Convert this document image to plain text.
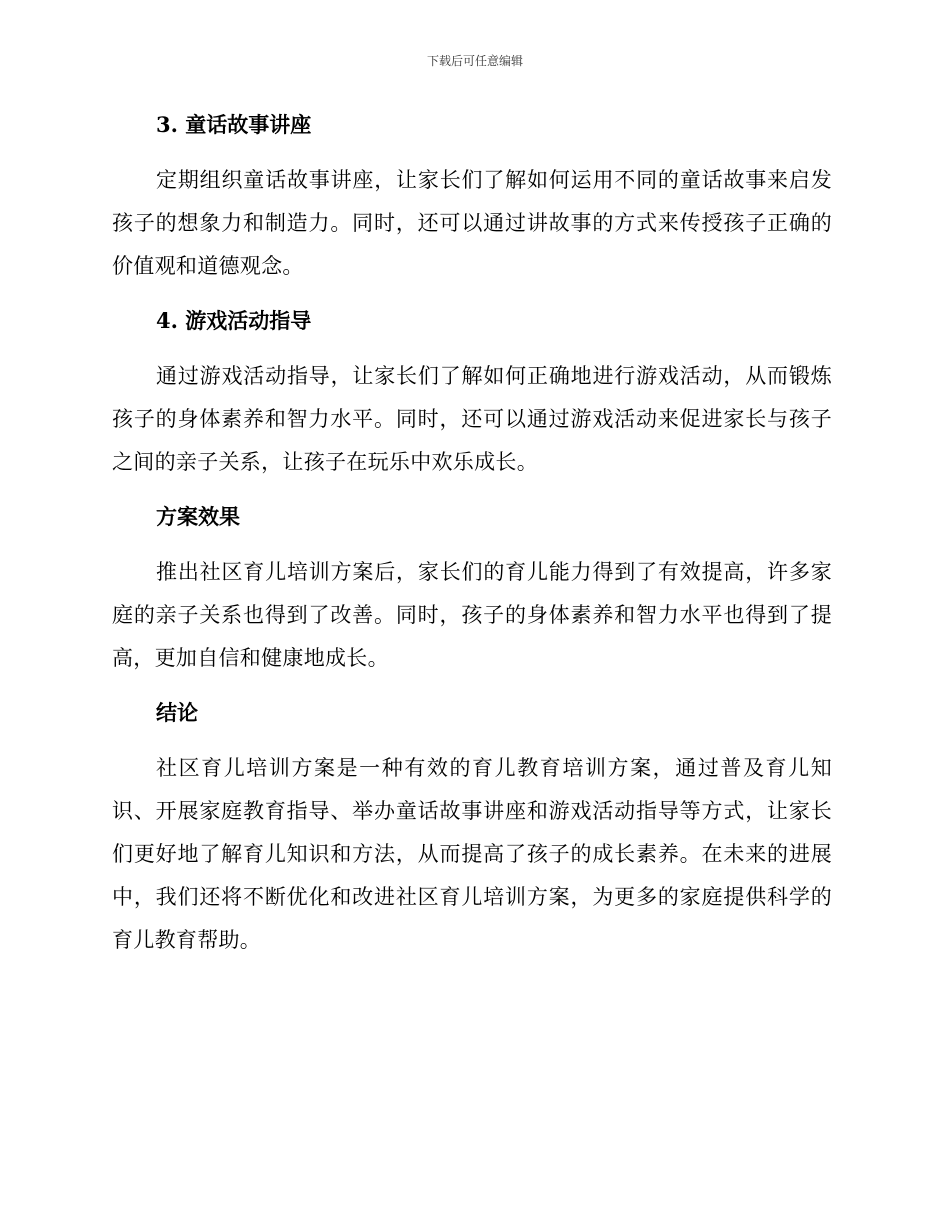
下载后可任意编辑
3. 童话故事讲座

定期组织童话故事讲座，让家长们了解如何运用不同的童话故事来启发孩子的想象力和制造力。同时，还可以通过讲故事的方式来传授孩子正确的价值观和道德观念。

4. 游戏活动指导

通过游戏活动指导，让家长们了解如何正确地进行游戏活动，从而锻炼孩子的身体素养和智力水平。同时，还可以通过游戏活动来促进家长与孩子之间的亲子关系，让孩子在玩乐中欢乐成长。

方案效果

推出社区育儿培训方案后，家长们的育儿能力得到了有效提高，许多家庭的亲子关系也得到了改善。同时，孩子的身体素养和智力水平也得到了提高，更加自信和健康地成长。

结论

社区育儿培训方案是一种有效的育儿教育培训方案，通过普及育儿知识、开展家庭教育指导、举办童话故事讲座和游戏活动指导等方式，让家长们更好地了解育儿知识和方法，从而提高了孩子的成长素养。在未来的进展中，我们还将不断优化和改进社区育儿培训方案，为更多的家庭提供科学的育儿教育帮助。
